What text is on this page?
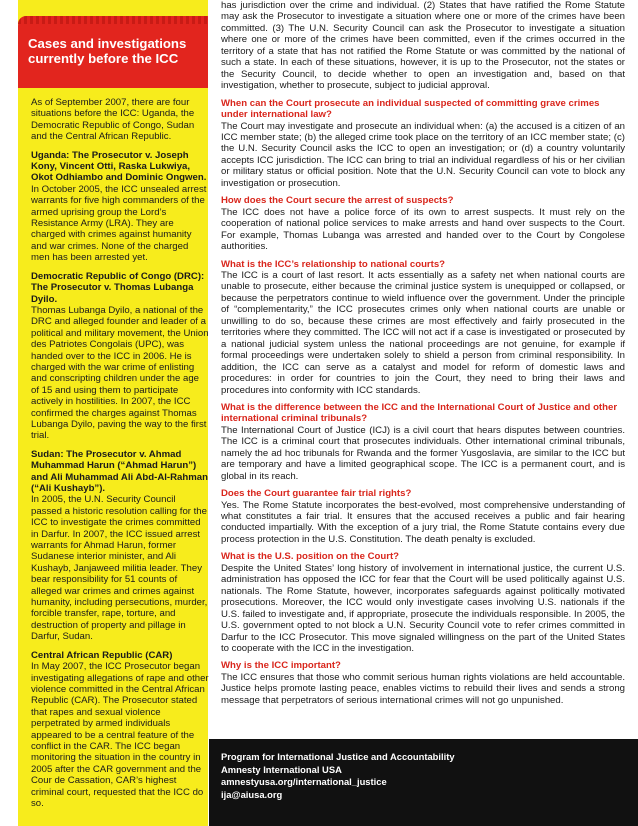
Cases and investigations currently before the ICC

As of September 2007, there are four situations before the ICC: Uganda, the Democratic Republic of Congo, Sudan and the Central African Republic.

Uganda: The Prosecutor v. Joseph Kony, Vincent Otti, Raska Lukwiya, Okot Odhiambo and Dominic Ongwen.
In October 2005, the ICC unsealed arrest warrants for five high commanders of the armed uprising group the Lord’s Resistance Army (LRA). They are charged with crimes against humanity and war crimes. None of the charged men has been arrested yet.

Democratic Republic of Congo (DRC): The Prosecutor v. Thomas Lubanga Dyilo.
Thomas Lubanga Dyilo, a national of the DRC and alleged founder and leader of a political and military movement, the Union des Patriotes Congolais (UPC), was handed over to the ICC in 2006. He is charged with the war crime of enlisting and conscripting children under the age of 15 and using them to participate actively in hostilities. In 2007, the ICC confirmed the charges against Thomas Lubanga Dyilo, paving the way to the first trial.

Sudan: The Prosecutor v. Ahmad Muhammad Harun (“Ahmad Harun”) and Ali Muhammad Ali Abd-Al-Rahman (“Ali Kushayb”).
In 2005, the U.N. Security Council passed a historic resolution calling for the ICC to investigate the crimes committed in Darfur. In 2007, the ICC issued arrest warrants for Ahmad Harun, former Sudanese interior minister, and Ali Kushayb, Janjaweed militia leader. They bear responsibility for 51 counts of alleged war crimes and crimes against humanity, including persecutions, murder, forcible transfer, rape, torture, and destruction of property and pillage in Darfur, Sudan.

Central African Republic (CAR)
In May 2007, the ICC Prosecutor began investigating allegations of rape and other violence committed in the Central African Republic (CAR). The Prosecutor stated that rapes and sexual violence perpetrated by armed individuals appeared to be a central feature of the conflict in the CAR. The ICC began monitoring the situation in the country in 2005 after the CAR government and the Cour de Cassation, CAR’s highest criminal court, requested that the ICC do so.

has jurisdiction over the crime and individual. (2) States that have ratified the Rome Statute may ask the Prosecutor to investigate a situation where one or more of the crimes have been committed. (3) The U.N. Security Council can ask the Prosecutor to investigate a situation where one or more of the crimes have been committed, even if the crimes occurred in the territory of a state that has not ratified the Rome Statute or was committed by the national of such a state. In each of these situations, however, it is up to the Prosecutor, not the states or the Security Council, to decide whether to open an investigation and, based on that investigation, whether to prosecute, subject to judicial approval.

When can the Court prosecute an individual suspected of committing grave crimes under international law?

The Court may investigate and prosecute an individual when: (a) the accused is a citizen of an ICC member state; (b) the alleged crime took place on the territory of an ICC member state; (c) the U.N. Security Council asks the ICC to open an investigation; or (d) a country voluntarily accepts ICC jurisdiction. The ICC can bring to trial an individual regardless of his or her civilian or military status or official position. Note that the U.N. Security Council can vote to block any investigation or prosecution.

How does the Court secure the arrest of suspects?

The ICC does not have a police force of its own to arrest suspects. It must rely on the cooperation of national police services to make arrests and hand over suspects to the Court. For example, Thomas Lubanga was arrested and handed over to the Court by Congolese authorities.

What is the ICC’s relationship to national courts?

The ICC is a court of last resort. It acts essentially as a safety net when national courts are unable to prosecute, either because the criminal justice system is unequipped or collapsed, or because the perpetrators continue to wield influence over the government. Under the principle of “complementarity,” the ICC prosecutes crimes only when national courts are unable or unwilling to do so, because these crimes are most effectively and fairly prosecuted in the territories where they committed. The ICC will not act if a case is investigated or prosecuted by a national judicial system unless the national proceedings are not genuine, for example if formal proceedings were undertaken solely to shield a person from criminal responsibility. In addition, the ICC can serve as a catalyst and model for reform of domestic laws and procedures: in order for countries to join the Court, they need to bring their laws and procedures into conformity with ICC standards.

What is the difference between the ICC and the International Court of Justice and other international criminal tribunals?

The International Court of Justice (ICJ) is a civil court that hears disputes between countries. The ICC is a criminal court that prosecutes individuals. Other international criminal tribunals, namely the ad hoc tribunals for Rwanda and the former Yusgoslavia, are similar to the ICC but are temporary and have a limited geographical scope. The ICC is a permanent court, and is global in its reach.

Does the Court guarantee fair trial rights?

Yes. The Rome Statute incorporates the best-evolved, most comprehensive understanding of what constitutes a fair trial. It ensures that the accused receives a public and fair hearing conducted impartially. With the exception of a jury trial, the Rome Statute contains every due process protection in the U.S. Constitution. The death penalty is excluded.

What is the U.S. position on the Court?

Despite the United States’ long history of involvement in international justice, the current U.S. administration has opposed the ICC for fear that the Court will be used politically against U.S. nationals. The Rome Statute, however, incorporates safeguards against politically motivated prosecutions. Moreover, the ICC would only investigate cases involving U.S. nationals if the U.S. failed to investigate and, if appropriate, prosecute the individuals responsible. In 2005, the U.S. government opted to not block a U.N. Security Council vote to refer crimes committed in Darfur to the ICC Prosecutor. This move signaled willingness on the part of the United States to cooperate with the ICC in the investigation.

Why is the ICC important?

The ICC ensures that those who commit serious human rights violations are held accountable. Justice helps promote lasting peace, enables victims to rebuild their lives and sends a strong message that perpetrators of serious international crimes will not go unpunished.

Program for International Justice and Accountability
Amnesty International USA
amnestyusa.org/international_justice
ija@aiusa.org
